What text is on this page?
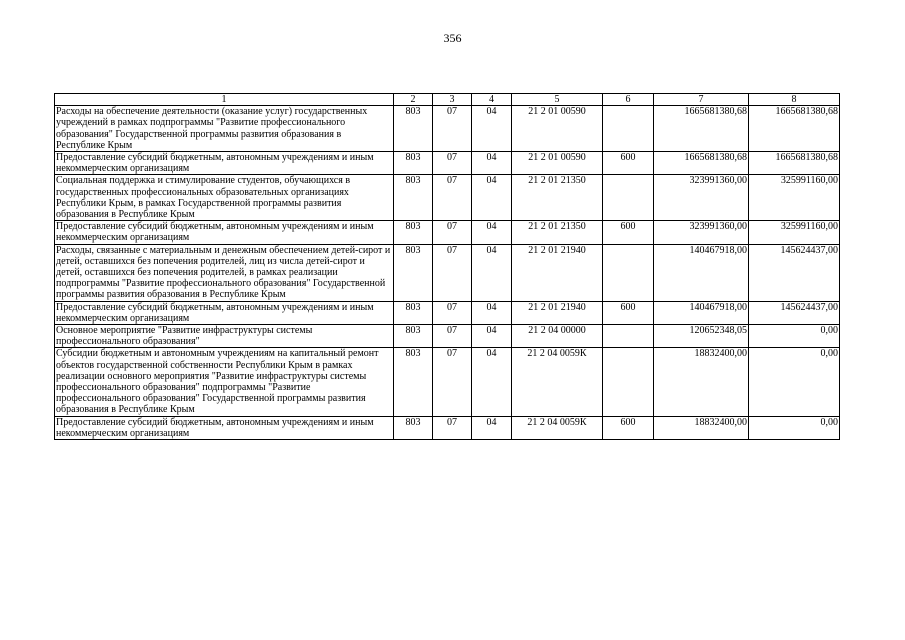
356
1	2	3	4	5	6	7	8
Расходы на обеспечение деятельности (оказание услуг) государственных учреждений в рамках подпрограммы "Развитие профессионального образования" Государственной программы развития образования в Республике Крым	803	07	04	21 2 01 00590		1665681380,68	1665681380,68
Предоставление субсидий бюджетным, автономным учреждениям и иным некоммерческим организациям	803	07	04	21 2 01 00590	600	1665681380,68	1665681380,68
Социальная поддержка и стимулирование студентов, обучающихся в государственных профессиональных образовательных организациях Республики Крым, в рамках Государственной программы развития образования в Республике Крым	803	07	04	21 2 01 21350		323991360,00	325991160,00
Предоставление субсидий бюджетным, автономным учреждениям и иным некоммерческим организациям	803	07	04	21 2 01 21350	600	323991360,00	325991160,00
Расходы, связанные с материальным и денежным обеспечением детей-сирот и детей, оставшихся без попечения родителей, лиц из числа детей-сирот и детей, оставшихся без попечения родителей, в рамках реализации подпрограммы "Развитие профессионального образования" Государственной программы развития образования в Республике Крым	803	07	04	21 2 01 21940		140467918,00	145624437,00
Предоставление субсидий бюджетным, автономным учреждениям и иным некоммерческим организациям	803	07	04	21 2 01 21940	600	140467918,00	145624437,00
Основное мероприятие "Развитие инфраструктуры системы профессионального образования"	803	07	04	21 2 04 00000		120652348,05	0,00
Субсидии бюджетным и автономным учреждениям на капитальный ремонт объектов государственной собственности Республики Крым в рамках реализации основного мероприятия "Развитие инфраструктуры системы профессионального образования" подпрограммы "Развитие профессионального образования" Государственной программы развития образования в Республике Крым	803	07	04	21 2 04 0059К		18832400,00	0,00
Предоставление субсидий бюджетным, автономным учреждениям и иным некоммерческим организациям	803	07	04	21 2 04 0059К	600	18832400,00	0,00
